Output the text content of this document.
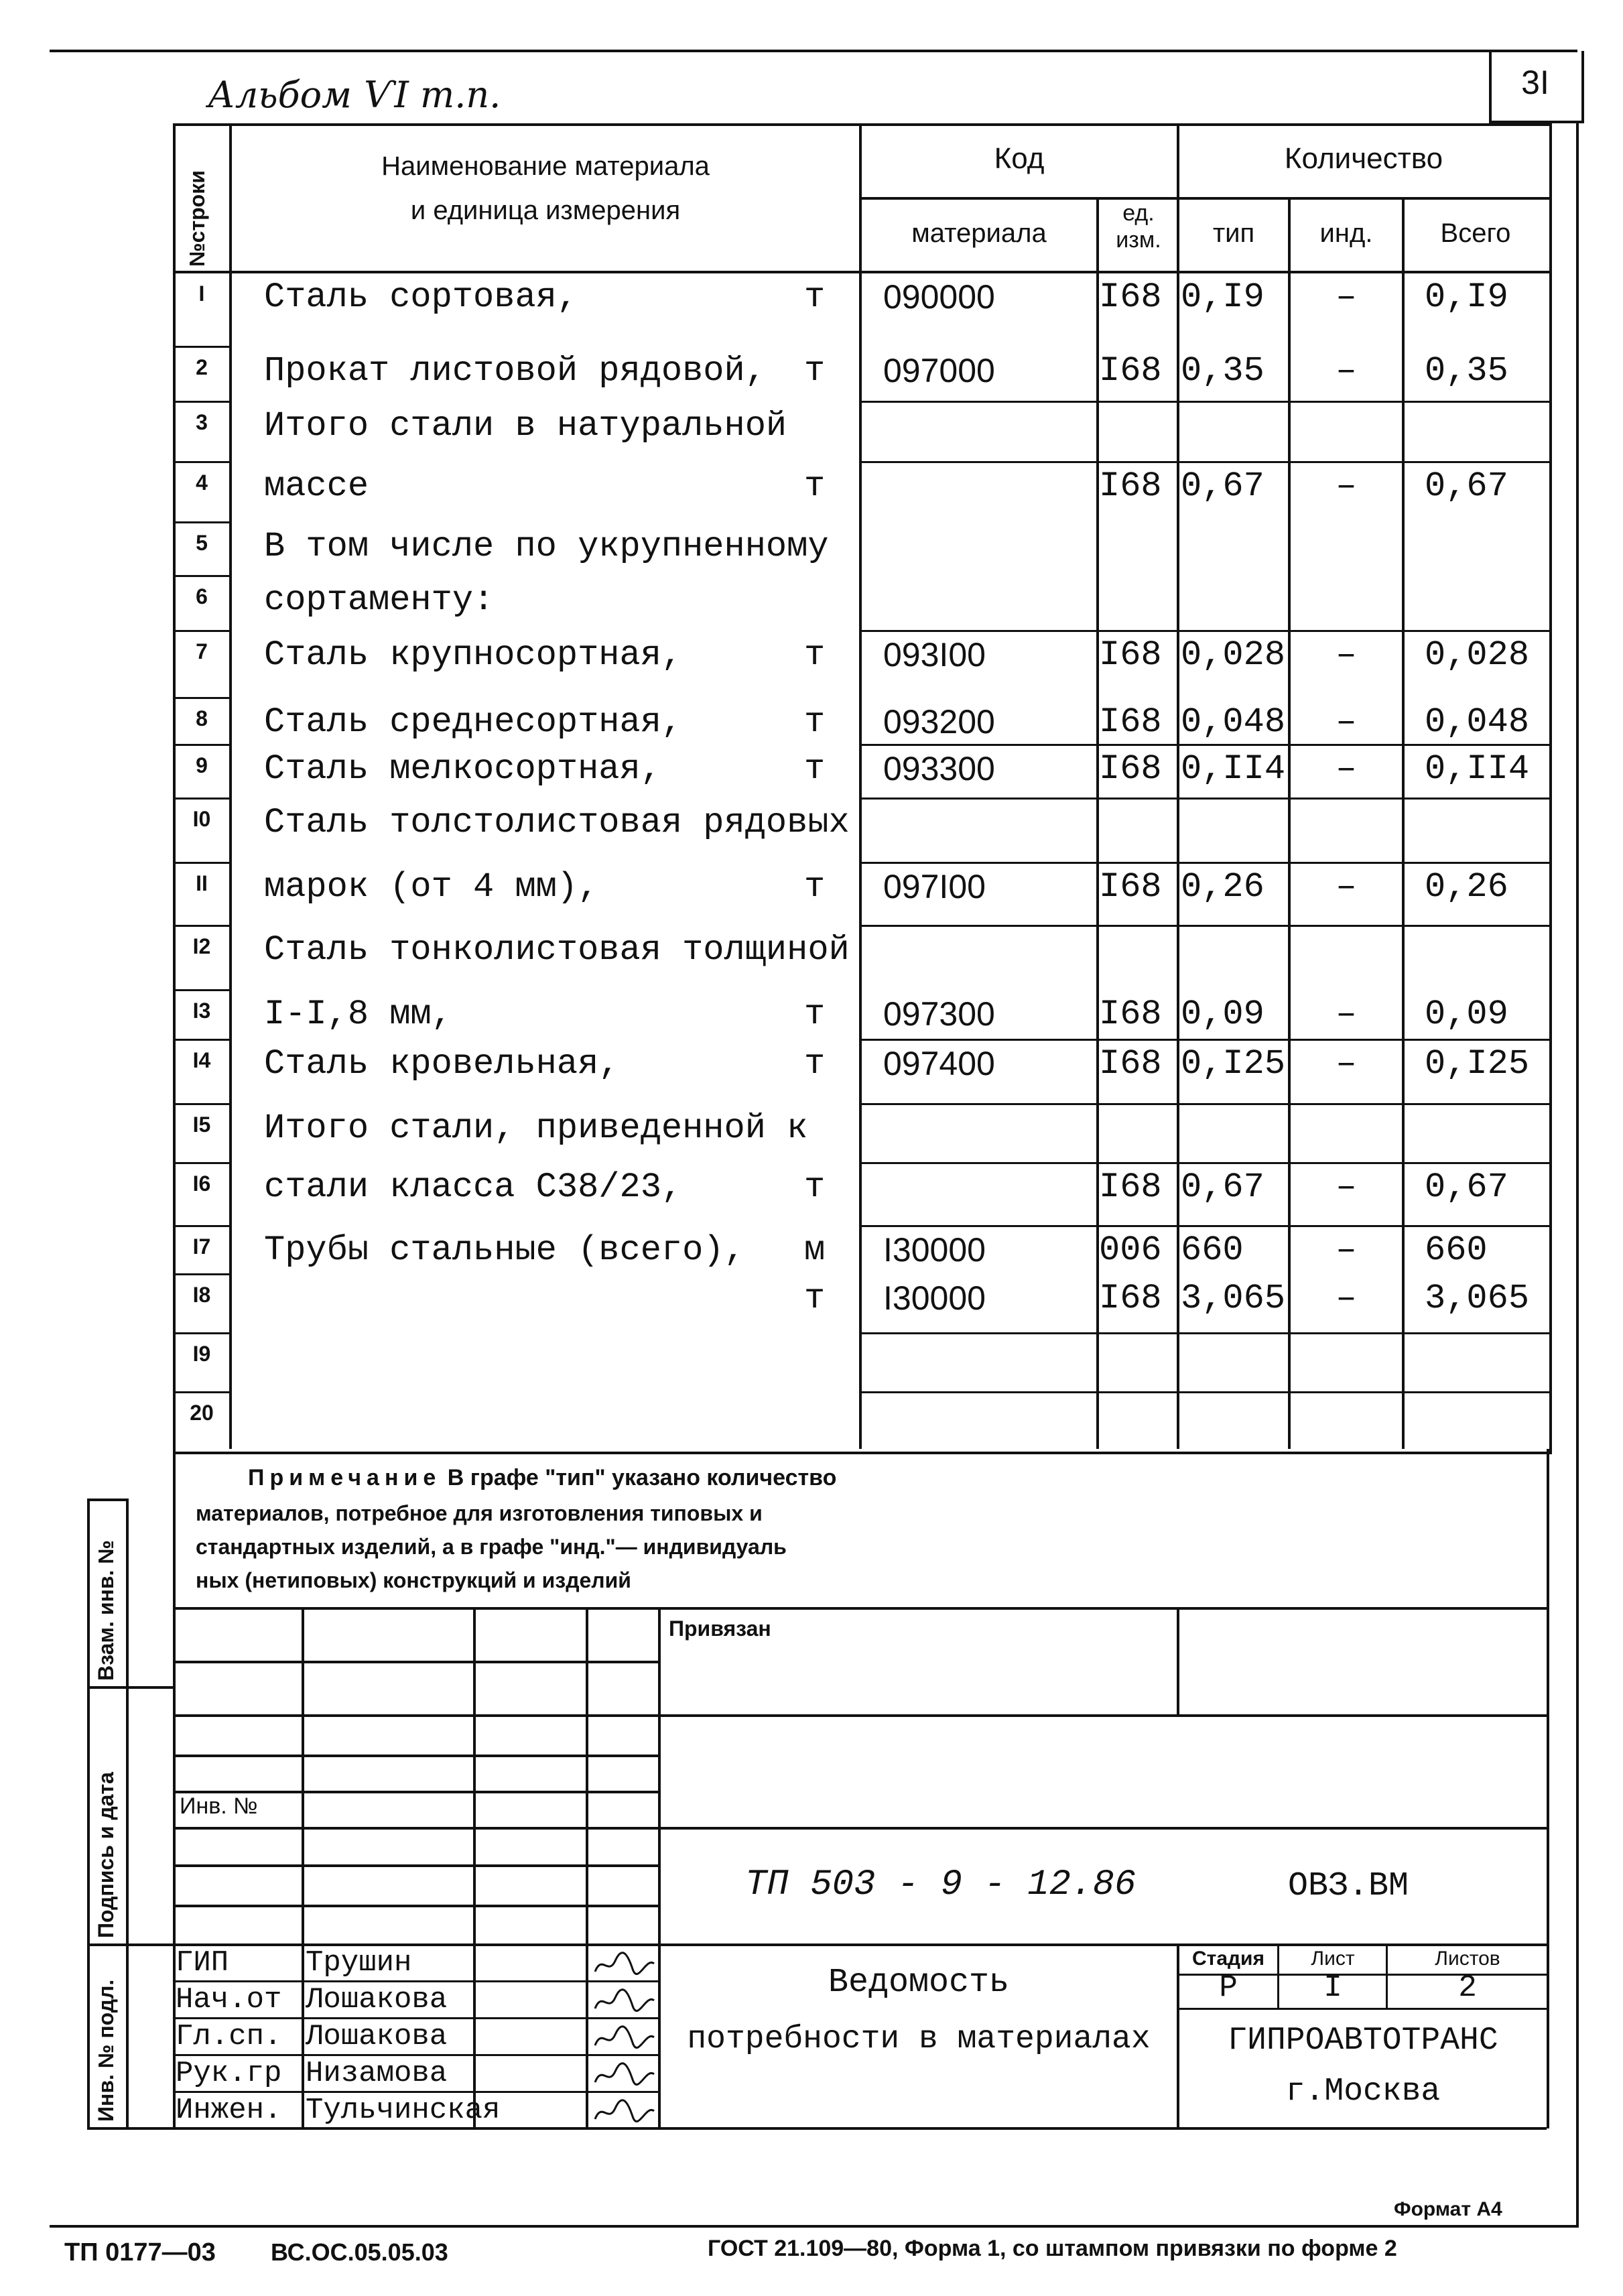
3I
Альбом ѴІ т.п.
№строки
Наименование материала
и единица измерения
Код	Количество
материала
ед. изм.	тип	инд.	Всего
I	Сталь сортовая,	т 090000	I68 0,I9	–	0,I9
2	Прокат листовой рядовой, т 097000	I68 0,35	–	0,35
3	Итого стали в натуральной
4	массе	т	I68 0,67	–	0,67
5	В том числе по укрупненному
6	сортаменту:
7	Сталь крупносортная,	т 093I00	I68 0,028	–	0,028
8	Сталь среднесортная,	т 093200	I68 0,048	–	0,048
9	Сталь мелкосортная,	т 093300	I68 0,II4	–	0,II4
I0	Сталь толстолистовая рядовых
II	марок (от 4 мм),	т 097I00	I68 0,26	–	0,26
I2	Сталь тонколистовая толщиной
I3	I-I,8 мм,	т 097300	I68 0,09	–	0,09
I4	Сталь кровельная,	т 097400	I68 0,I25	–	0,I25
I5	Итого стали, приведенной к
I6	стали класса С38/23,	т	I68 0,67	–	0,67
I7	Трубы стальные (всего), м I30000	006 660	–	660
I8	т I30000	I68 3,065	–	3,065
I9
20
Примечание В графе "тип" указано количество
материалов, потребное для изготовления типовых и
стандартных изделий, а в графе "инд."— индивидуаль
ных (нетиповых) конструкций и изделий
Взам. инв. №
Подпись и дата
Инв. № подл.
Привязан
Инв. №
ТП 503 - 9 - 12.86	ОВЗ.ВМ
Ведомость
потребности в материалах
Стадия	Лист	Листов
Р	I	2
ГИПРОАВТОТРАНС
г.Москва
ГИП	Трушин
Нач.от Лошакова
Гл.сп. Лошакова
Рук.гр Низамова
Инжен. Тульчинская
Формат А4
ТП 0177—03 ВС.ОС.05.05.03	ГОСТ 21.109—80, Форма 1, со штампом привязки по форме 2
